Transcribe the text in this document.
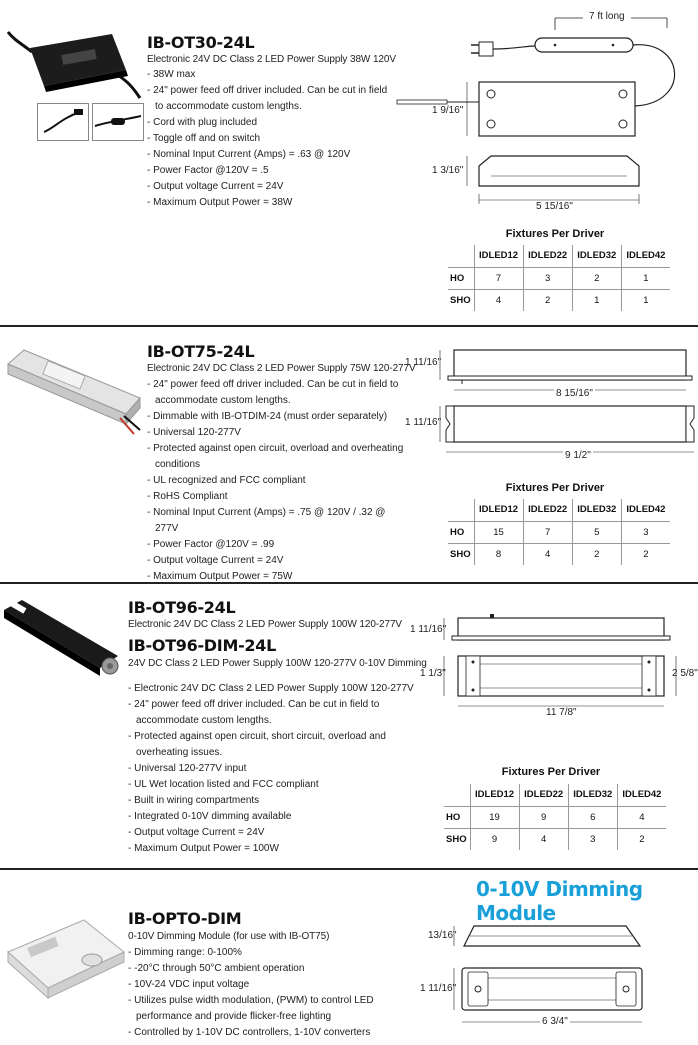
IB-OT30-24L
Electronic 24V DC Class 2 LED Power Supply 38W 120V
- 38W max
- 24" power feed off driver included. Can be cut in field to accommodate custom lengths.
- Cord with plug included
- Toggle off and on switch
- Nominal Input Current (Amps) = .63 @ 120V
- Power Factor @120V = .5
- Output voltage Current = 24V
- Maximum Output Power = 38W
7 ft long
1 9/16"
1 3/16"
5 15/16"
Fixtures Per Driver
	IDLED12	IDLED22	IDLED32	IDLED42
HO	7	3	2	1
SHO	4	2	1	1
IB-OT75-24L
Electronic 24V DC Class 2 LED Power Supply 75W 120-277V
- 24" power feed off driver included. Can be cut in field to accommodate custom lengths.
- Dimmable with IB-OTDIM-24 (must order separately)
- Universal 120-277V
- Protected against open circuit, overload and overheating conditions
- UL recognized and FCC compliant
- RoHS Compliant
- Nominal Input Current (Amps) = .75 @ 120V / .32 @ 277V
- Power Factor @120V = .99
- Output voltage Current = 24V
- Maximum Output Power = 75W
1 11/16"
8 15/16"
1 11/16"
9 1/2"
Fixtures Per Driver
	IDLED12	IDLED22	IDLED32	IDLED42
HO	15	7	5	3
SHO	8	4	2	2
IB-OT96-24L
Electronic 24V DC Class 2 LED Power Supply 100W 120-277V
IB-OT96-DIM-24L
24V DC Class 2 LED Power Supply 100W 120-277V 0-10V Dimming
- Electronic 24V DC Class 2 LED Power Supply 100W 120-277V
- 24" power feed off driver included. Can be cut in field to accommodate custom lengths.
- Protected against open circuit, short circuit, overload and overheating issues.
- Universal 120-277V input
- UL Wet location listed and FCC compliant
- Built in wiring compartments
- Integrated 0-10V dimming available
- Output voltage Current = 24V
- Maximum Output Power = 100W
1 11/16"
1 1/3"	2 5/8"
11 7/8"
Fixtures Per Driver
	IDLED12	IDLED22	IDLED32	IDLED42
HO	19	9	6	4
SHO	9	4	3	2
0-10V Dimming Module
IB-OPTO-DIM
0-10V Dimming Module (for use with IB-OT75)
- Dimming range: 0-100%
- -20°C through 50°C ambient operation
- 10V-24 VDC input voltage
- Utilizes pulse width modulation, (PWM) to control LED performance and provide flicker-free lighting
- Controlled by 1-10V DC controllers, 1-10V converters
13/16"
1 11/16"
6 3/4"
